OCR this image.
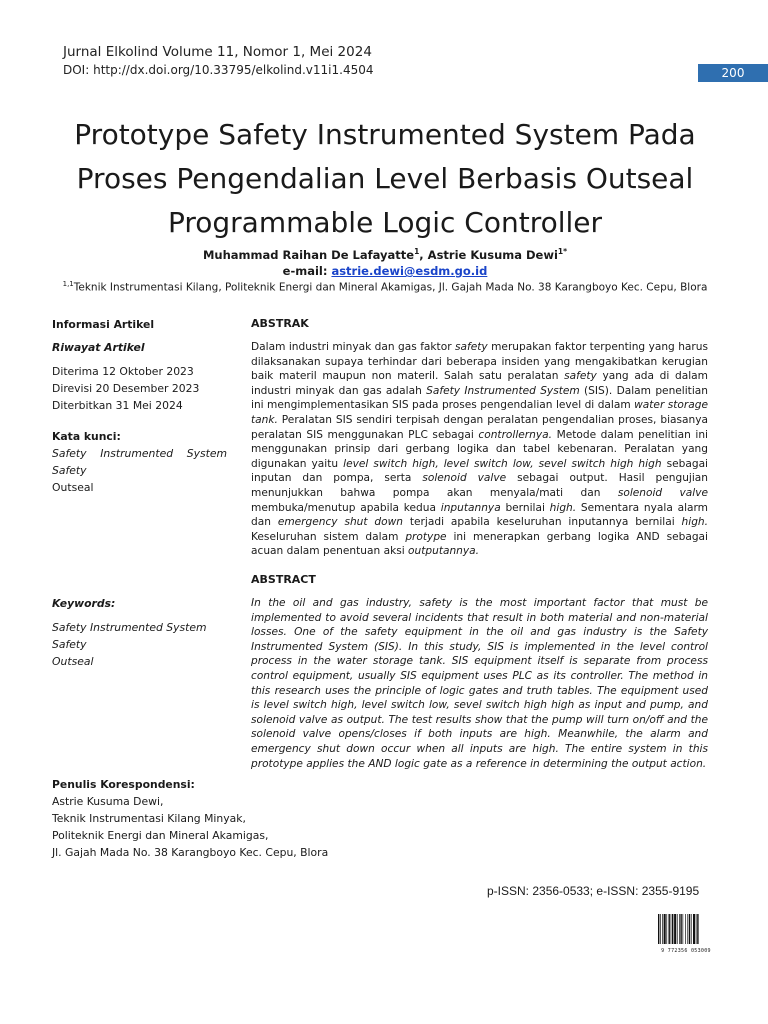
Jurnal Elkolind Volume 11, Nomor 1, Mei 2024
DOI: http://dx.doi.org/10.33795/elkolind.v11i1.4504	200
Prototype Safety Instrumented System Pada
Proses Pengendalian Level Berbasis Outseal
Programmable Logic Controller
Muhammad Raihan De Lafayatte$^1$, Astrie Kusuma Dewi$^{1*}$
e-mail: astrie.dewi@esdm.go.id
$^{1,1}$Teknik Instrumentasi Kilang, Politeknik Energi dan Mineral Akamigas, Jl. Gajah Mada No. 38 Karangboyo Kec. Cepu, Blora
Informasi Artikel
Riwayat Artikel
Diterima 12 Oktober 2023
Direvisi 20 Desember 2023
Diterbitkan 31 Mei 2024
Kata kunci:
Safety Instrumented System
Safety
Outseal
ABSTRAK
Dalam industri minyak dan gas faktor safety merupakan faktor terpenting yang harus dilaksanakan supaya terhindar dari beberapa insiden yang mengakibatkan kerugian baik materil maupun non materil. Salah satu peralatan safety yang ada di dalam industri minyak dan gas adalah Safety Instrumented System (SIS). Dalam penelitian ini mengimplementasikan SIS pada proses pengendalian level di dalam water storage tank. Peralatan SIS sendiri terpisah dengan peralatan pengendalian proses, biasanya peralatan SIS menggunakan PLC sebagai controllernya. Metode dalam penelitian ini menggunakan prinsip dari gerbang logika dan tabel kebenaran. Peralatan yang digunakan yaitu level switch high, level switch low, sevel switch high high sebagai inputan dan pompa, serta solenoid valve sebagai output. Hasil pengujian menunjukkan bahwa pompa akan menyala/mati dan solenoid valve membuka/menutup apabila kedua inputannya bernilai high. Sementara nyala alarm dan emergency shut down terjadi apabila keseluruhan inputannya bernilai high. Keseluruhan sistem dalam protype ini menerapkan gerbang logika AND sebagai acuan dalam penentuan aksi outputannya.
ABSTRACT
In the oil and gas industry, safety is the most important factor that must be implemented to avoid several incidents that result in both material and non-material losses. One of the safety equipment in the oil and gas industry is the Safety Instrumented System (SIS). In this study, SIS is implemented in the level control process in the water storage tank. SIS equipment itself is separate from process control equipment, usually SIS equipment uses PLC as its controller. The method in this research uses the principle of logic gates and truth tables. The equipment used is level switch high, level switch low, sevel switch high high as input and pump, and solenoid valve as output. The test results show that the pump will turn on/off and the solenoid valve opens/closes if both inputs are high. Meanwhile, the alarm and emergency shut down occur when all inputs are high. The entire system in this prototype applies the AND logic gate as a reference in determining the output action.
Keywords:
Safety Instrumented System
Safety
Outseal
Penulis Korespondensi:
Astrie Kusuma Dewi,
Teknik Instrumentasi Kilang Minyak,
Politeknik Energi dan Mineral Akamigas,
Jl. Gajah Mada No. 38 Karangboyo Kec. Cepu, Blora
p-ISSN: 2356-0533; e-ISSN: 2355-9195
9 772356 053009
